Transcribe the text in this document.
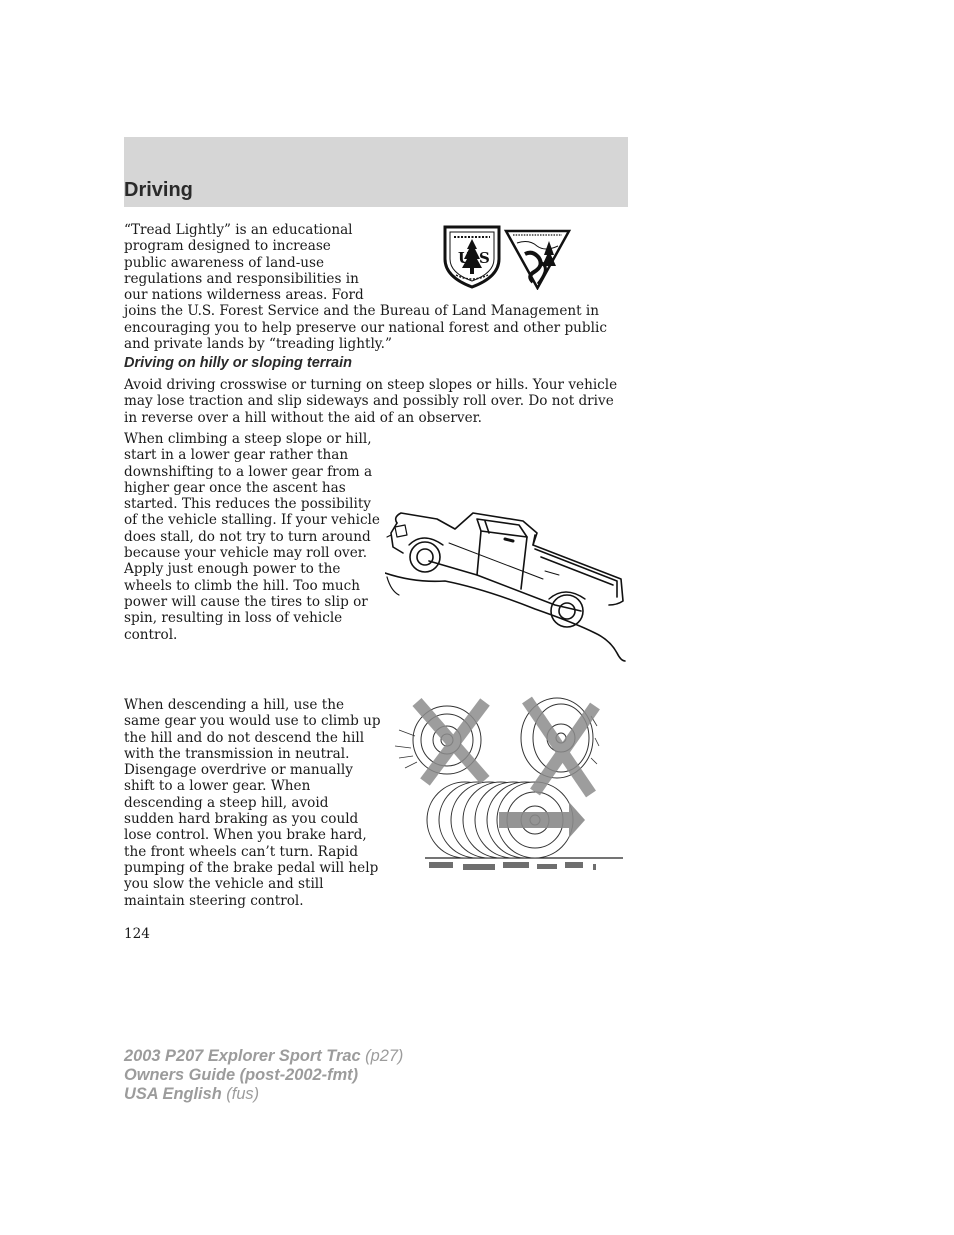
Driving

“Tread Lightly” is an educational program designed to increase public awareness of land-use regulations and responsibilities in our nations wilderness areas. Ford joins the U.S. Forest Service and the Bureau of Land Management in encouraging you to help preserve our national forest and other public and private lands by “treading lightly.”

U S
Driving on hilly or sloping terrain

Avoid driving crosswise or turning on steep slopes or hills. Your vehicle may lose traction and slip sideways and possibly roll over. Do not drive in reverse over a hill without the aid of an observer.

When climbing a steep slope or hill, start in a lower gear rather than downshifting to a lower gear from a higher gear once the ascent has started. This reduces the possibility of the vehicle stalling. If your vehicle does stall, do not try to turn around because your vehicle may roll over. Apply just enough power to the wheels to climb the hill. Too much power will cause the tires to slip or spin, resulting in loss of vehicle control.

When descending a hill, use the same gear you would use to climb up the hill and do not descend the hill with the transmission in neutral. Disengage overdrive or manually shift to a lower gear. When descending a steep hill, avoid sudden hard braking as you could lose control. When you brake hard, the front wheels can’t turn. Rapid pumping of the brake pedal will help you slow the vehicle and still maintain steering control.

124
2003 P207 Explorer Sport Trac (p27)
Owners Guide (post-2002-fmt)
USA English (fus)
